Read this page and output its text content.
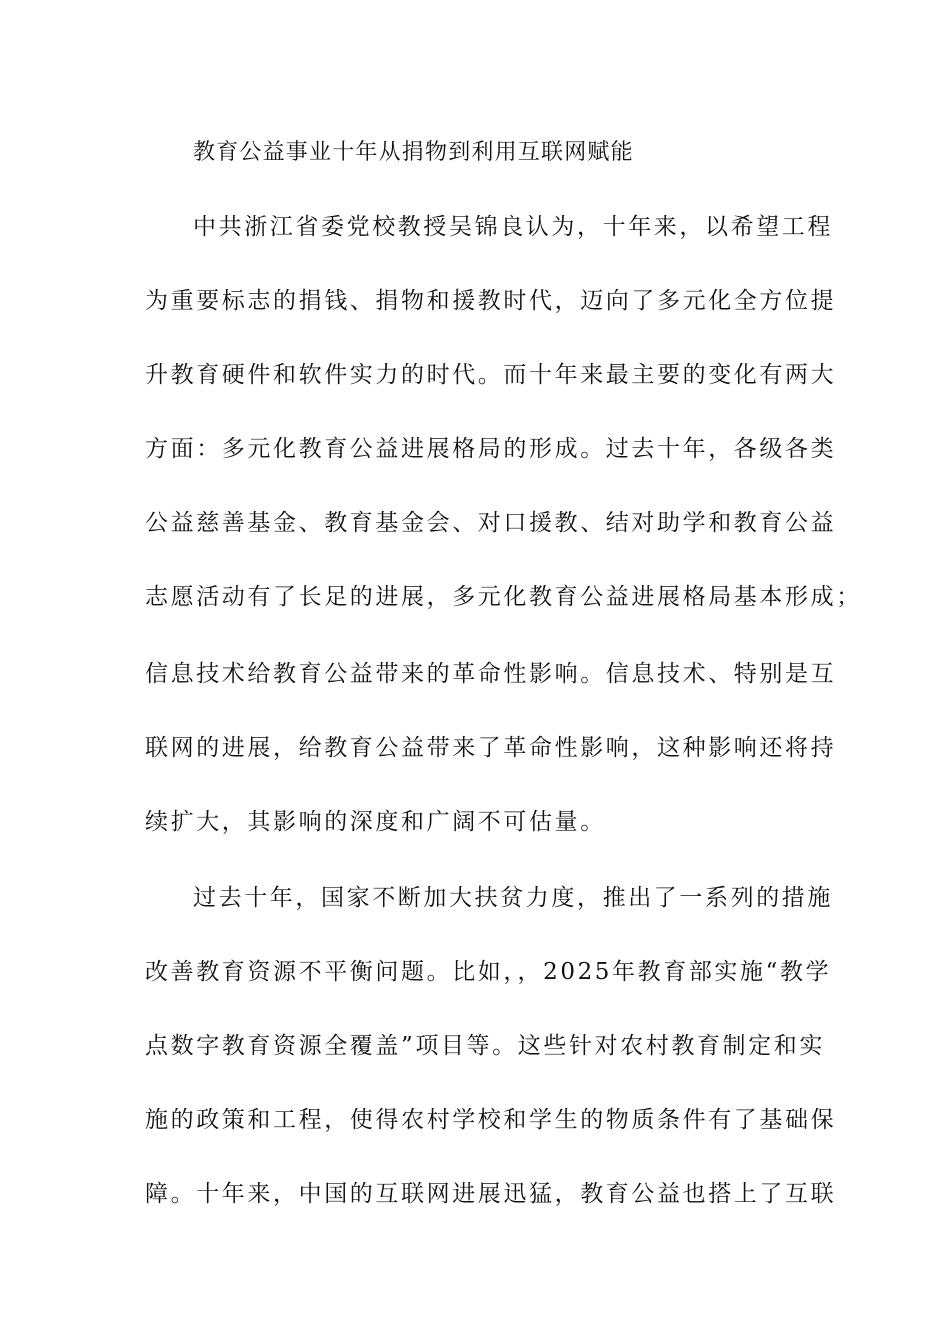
教育公益事业十年从捐物到利用互联网赋能
中共浙江省委党校教授吴锦良认为，十年来，以希望工程
为重要标志的捐钱、捐物和援教时代，迈向了多元化全方位提
升教育硬件和软件实力的时代。而十年来最主要的变化有两大
方面：多元化教育公益进展格局的形成。过去十年，各级各类
公益慈善基金、教育基金会、对口援教、结对助学和教育公益
志愿活动有了长足的进展，多元化教育公益进展格局基本形成；
信息技术给教育公益带来的革命性影响。信息技术、特别是互
联网的进展，给教育公益带来了革命性影响，这种影响还将持
续扩大，其影响的深度和广阔不可估量。
过去十年，国家不断加大扶贫力度，推出了一系列的措施
改善教育资源不平衡问题。比如，，2025年教育部实施“教学
点数字教育资源全覆盖”项目等。这些针对农村教育制定和实
施的政策和工程，使得农村学校和学生的物质条件有了基础保
障。十年来，中国的互联网进展迅猛，教育公益也搭上了互联
